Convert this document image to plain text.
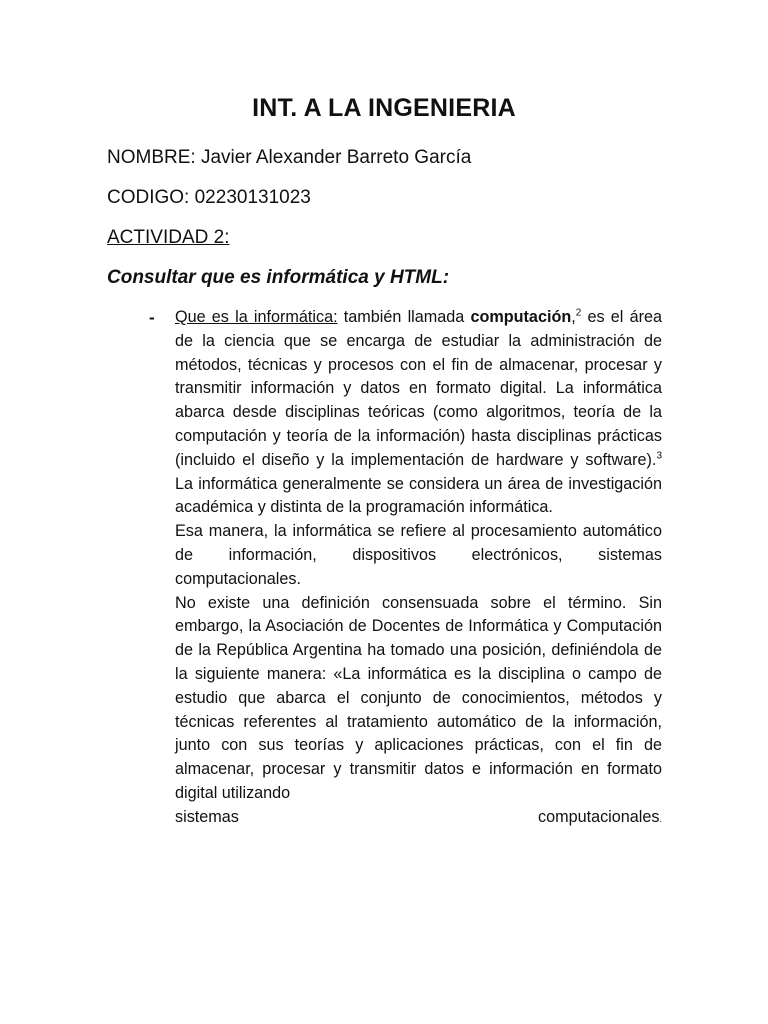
INT. A LA INGENIERIA

NOMBRE: Javier Alexander Barreto García

CODIGO: 02230131023

ACTIVIDAD 2:

Consultar que es informática y HTML:

- Que es la informática: también llamada computación,$^2$ es el área de la ciencia que se encarga de estudiar la administración de métodos, técnicas y procesos con el fin de almacenar, procesar y transmitir información y datos en formato digital. La informática abarca desde disciplinas teóricas (como algoritmos, teoría de la computación y teoría de la información) hasta disciplinas prácticas (incluido el diseño y la implementación de hardware y software).$^3$ La informática generalmente se considera un área de investigación académica y distinta de la programación informática.

Esa manera, la informática se refiere al procesamiento automático de información, dispositivos electrónicos, sistemas computacionales.

No existe una definición consensuada sobre el término. Sin embargo, la Asociación de Docentes de Informática y Computación de la República Argentina ha tomado una posición, definiéndola de la siguiente manera: «La informática es la disciplina o campo de estudio que abarca el conjunto de conocimientos, métodos y técnicas referentes al tratamiento automático de la información, junto con sus teorías y aplicaciones prácticas, con el fin de almacenar, procesar y transmitir datos e información en formato digital utilizando

sistemas	computacionales.
